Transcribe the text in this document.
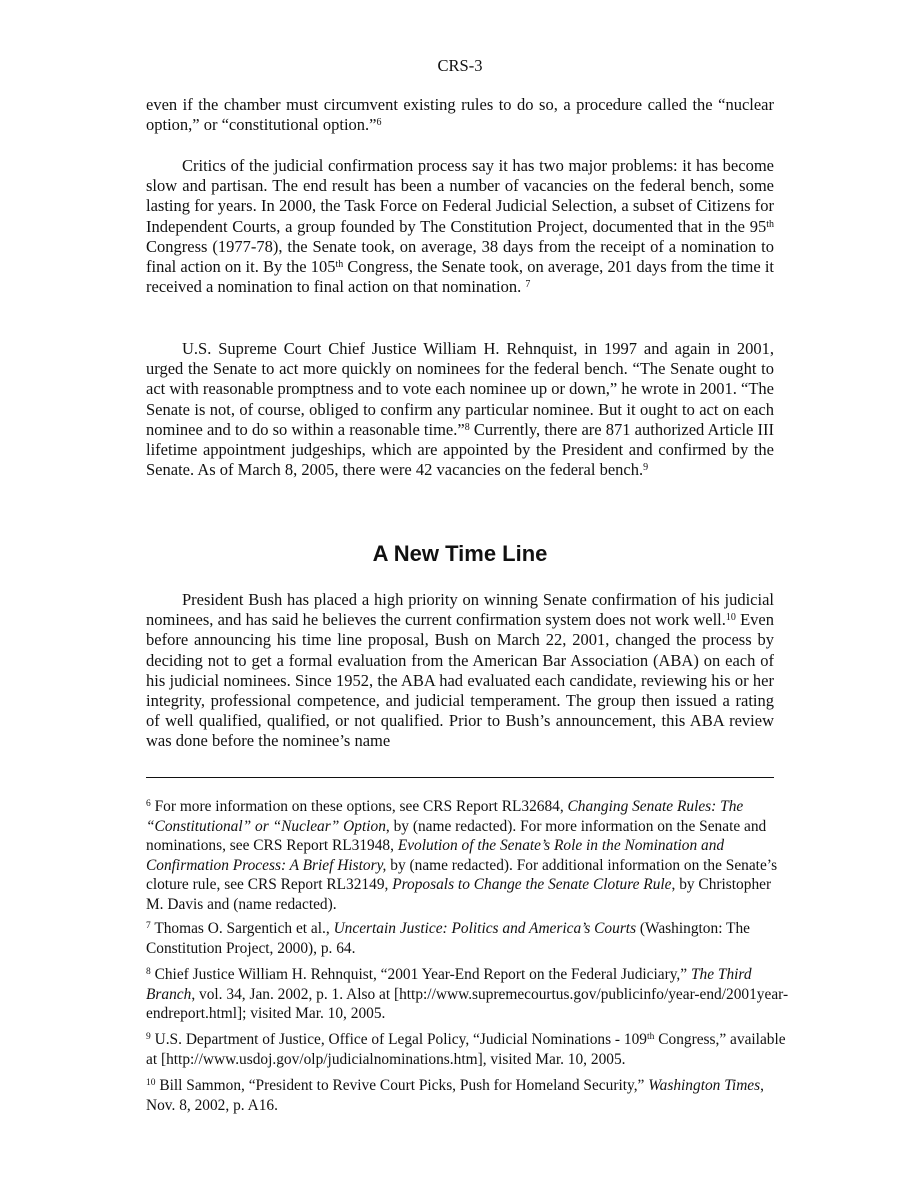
CRS-3
even if the chamber must circumvent existing rules to do so, a procedure called the “nuclear option,” or “constitutional option.”$^6$
Critics of the judicial confirmation process say it has two major problems: it has become slow and partisan. The end result has been a number of vacancies on the federal bench, some lasting for years. In 2000, the Task Force on Federal Judicial Selection, a subset of Citizens for Independent Courts, a group founded by The Constitution Project, documented that in the 95th Congress (1977-78), the Senate took, on average, 38 days from the receipt of a nomination to final action on it. By the 105th Congress, the Senate took, on average, 201 days from the time it received a nomination to final action on that nomination. $^7$
U.S. Supreme Court Chief Justice William H. Rehnquist, in 1997 and again in 2001, urged the Senate to act more quickly on nominees for the federal bench. “The Senate ought to act with reasonable promptness and to vote each nominee up or down,” he wrote in 2001. “The Senate is not, of course, obliged to confirm any particular nominee. But it ought to act on each nominee and to do so within a reasonable time.”$^8$ Currently, there are 871 authorized Article III lifetime appointment judgeships, which are appointed by the President and confirmed by the Senate. As of March 8, 2005, there were 42 vacancies on the federal bench.$^9$
A New Time Line
President Bush has placed a high priority on winning Senate confirmation of his judicial nominees, and has said he believes the current confirmation system does not work well.$^{10}$ Even before announcing his time line proposal, Bush on March 22, 2001, changed the process by deciding not to get a formal evaluation from the American Bar Association (ABA) on each of his judicial nominees. Since 1952, the ABA had evaluated each candidate, reviewing his or her integrity, professional competence, and judicial temperament. The group then issued a rating of well qualified, qualified, or not qualified. Prior to Bush’s announcement, this ABA review was done before the nominee’s name

$^6$ For more information on these options, see CRS Report RL32684, Changing Senate Rules: The “Constitutional” or “Nuclear” Option, by (name redacted). For more information on the Senate and nominations, see CRS Report RL31948, Evolution of the Senate’s Role in the Nomination and Confirmation Process: A Brief History, by (name redacted). For additional information on the Senate’s cloture rule, see CRS Report RL32149, Proposals to Change the Senate Cloture Rule, by Christopher M. Davis and (name redacted).

$^7$ Thomas O. Sargentich et al., Uncertain Justice: Politics and America’s Courts (Washington: The Constitution Project, 2000), p. 64.

$^8$ Chief Justice William H. Rehnquist, “2001 Year-End Report on the Federal Judiciary,” The Third Branch, vol. 34, Jan. 2002, p. 1. Also at [http://www.supremecourtus.gov/publicinfo/year-end/2001year-endreport.html]; visited Mar. 10, 2005.

$^9$ U.S. Department of Justice, Office of Legal Policy, “Judicial Nominations - 109th Congress,” available at [http://www.usdoj.gov/olp/judicialnominations.htm], visited Mar. 10, 2005.

$^{10}$ Bill Sammon, “President to Revive Court Picks, Push for Homeland Security,” Washington Times, Nov. 8, 2002, p. A16.
